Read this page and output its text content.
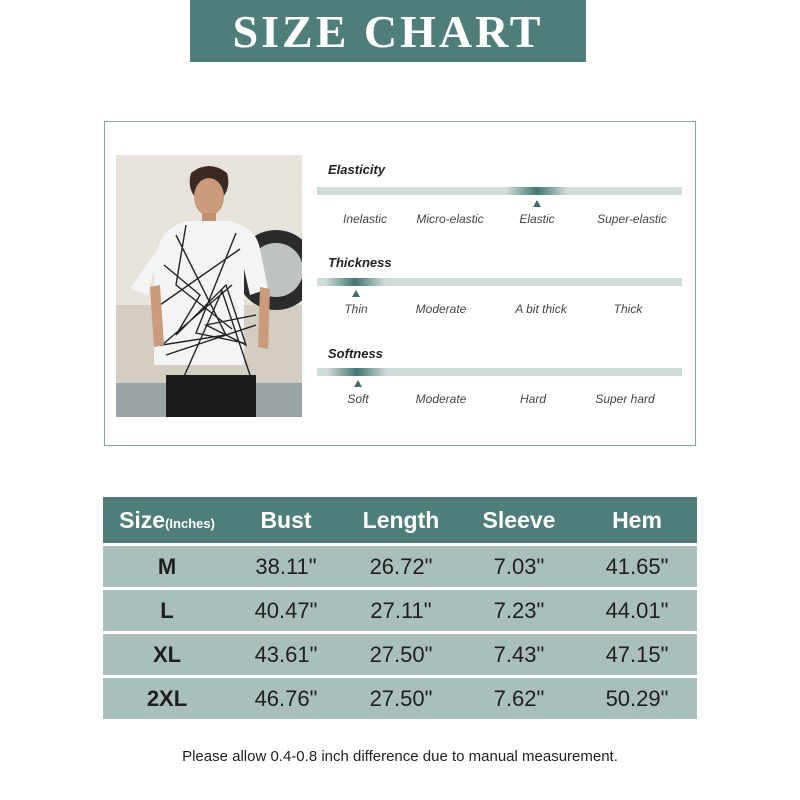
SIZE CHART
Elasticity
Inelastic Micro-elastic	Elastic	Super-elastic
Thickness
Thin	Moderate	A bit thick	Thick
Softness
Soft	Moderate	Hard	Super hard
Size(Inches)	Bust	Length	Sleeve	Hem
M	38.11"	26.72"	7.03"	41.65"
L	40.47"	27.11"	7.23"	44.01"
XL	43.61"	27.50"	7.43"	47.15"
2XL	46.76"	27.50"	7.62"	50.29"
Please allow 0.4-0.8 inch difference due to manual measurement.
